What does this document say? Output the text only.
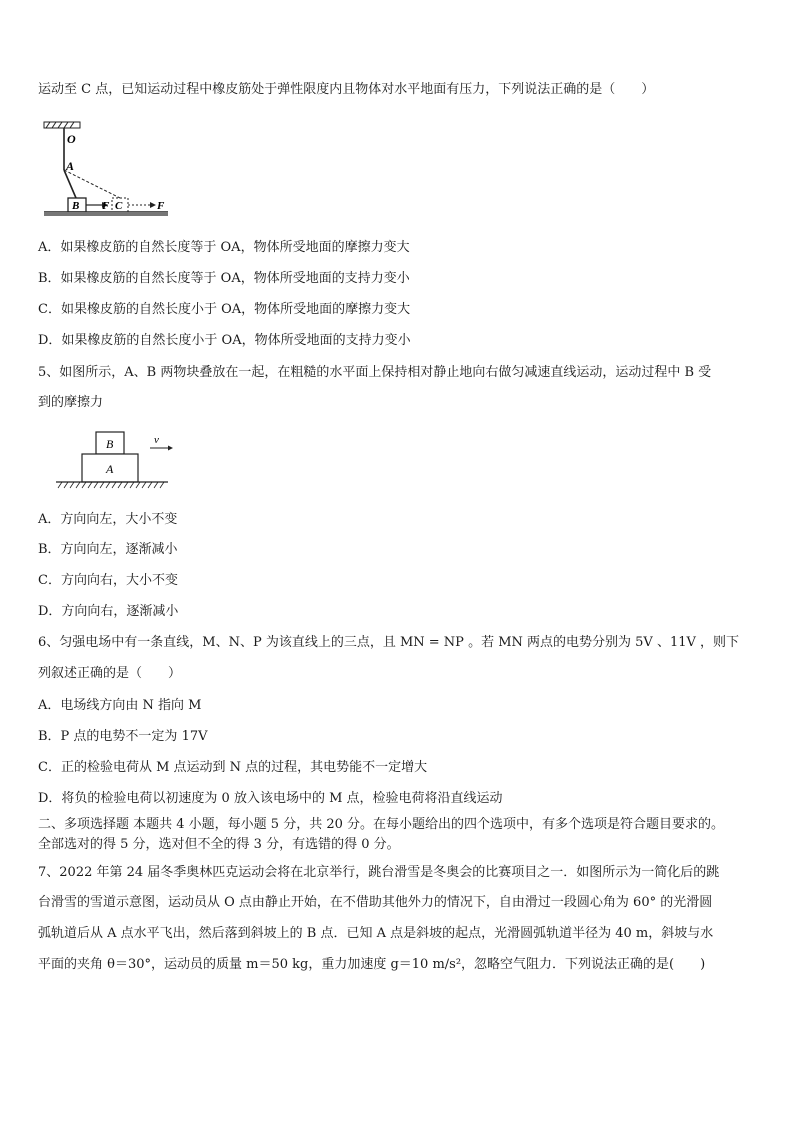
运动至 C 点，已知运动过程中橡皮筋处于弹性限度内且物体对水平地面有压力，下列说法正确的是（　　）
O
A
B F C	F
A．如果橡皮筋的自然长度等于 OA，物体所受地面的摩擦力变大
B．如果橡皮筋的自然长度等于 OA，物体所受地面的支持力变小
C．如果橡皮筋的自然长度小于 OA，物体所受地面的摩擦力变大
D．如果橡皮筋的自然长度小于 OA，物体所受地面的支持力变小
5、如图所示，A、B 两物块叠放在一起，在粗糙的水平面上保持相对静止地向右做匀减速直线运动，运动过程中 B 受
到的摩擦力
B
A
v
A．方向向左，大小不变
B．方向向左，逐渐减小
C．方向向右，大小不变
D．方向向右，逐渐减小
6、匀强电场中有一条直线，M、N、P 为该直线上的三点，且 MN = NP 。若 MN 两点的电势分别为 5V 、11V ，则下
列叙述正确的是（　　）
A．电场线方向由 N 指向 M
B．P 点的电势不一定为 17V
C．正的检验电荷从 M 点运动到 N 点的过程，其电势能不一定增大
D．将负的检验电荷以初速度为 0 放入该电场中的 M 点，检验电荷将沿直线运动
二、多项选择题 本题共 4 小题，每小题 5 分，共 20 分。在每小题给出的四个选项中，有多个选项是符合题目要求的。
全部选对的得 5 分，选对但不全的得 3 分，有选错的得 0 分。
7、2022 年第 24 届冬季奥林匹克运动会将在北京举行，跳台滑雪是冬奥会的比赛项目之一．如图所示为一简化后的跳
台滑雪的雪道示意图，运动员从 O 点由静止开始，在不借助其他外力的情况下，自由滑过一段圆心角为 60° 的光滑圆
弧轨道后从 A 点水平飞出，然后落到斜坡上的 B 点．已知 A 点是斜坡的起点，光滑圆弧轨道半径为 40 m，斜坡与水
平面的夹角 θ＝30°，运动员的质量 m＝50 kg，重力加速度 g＝10 m/s²，忽略空气阻力．下列说法正确的是(　　)
